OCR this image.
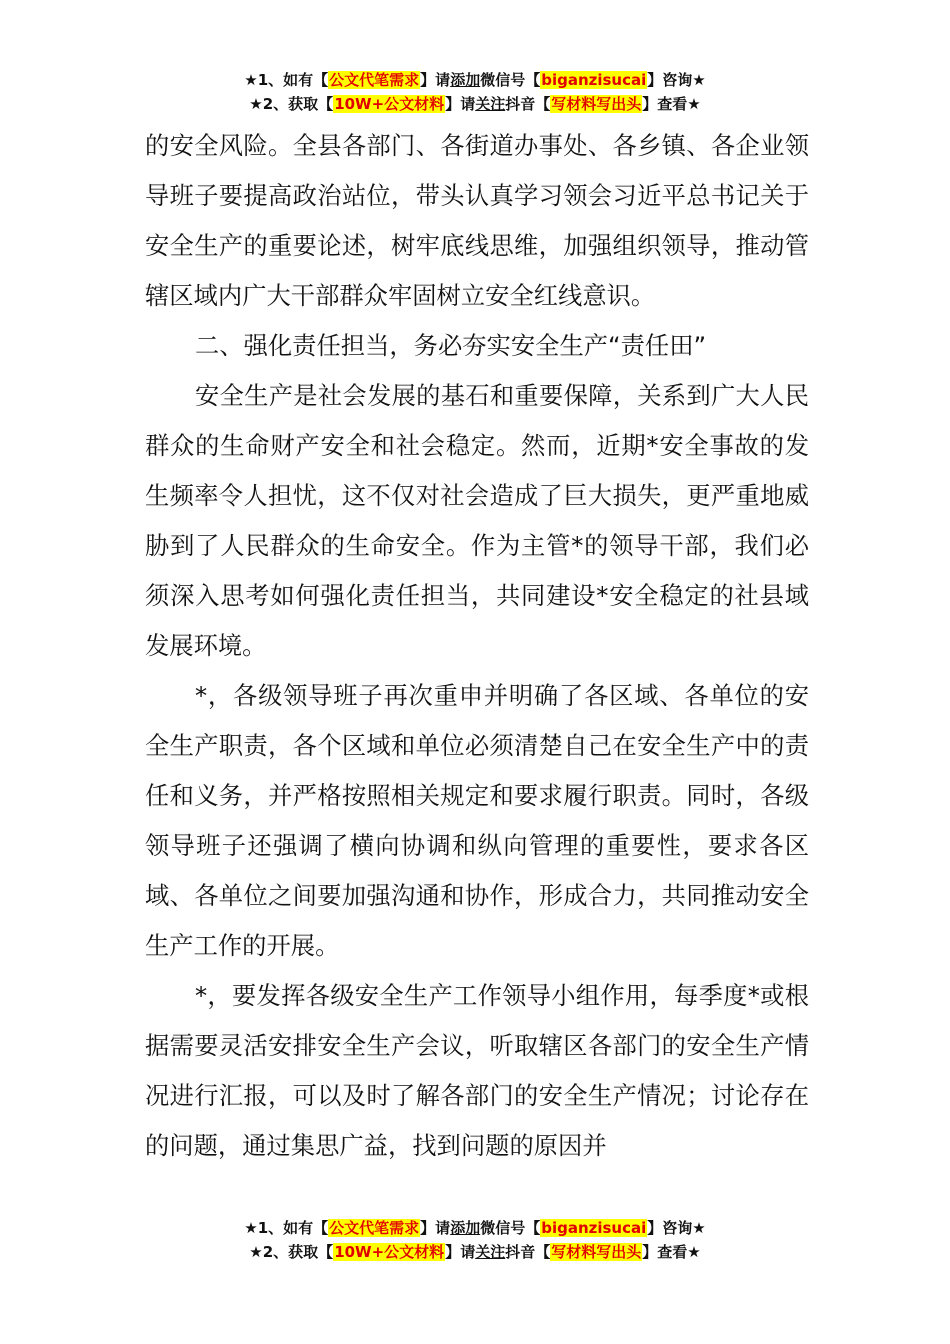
★1、如有【公文代笔需求】请添加微信号【biganzisucai】咨询★
★2、获取【10W+公文材料】请关注抖音【写材料写出头】查看★

的安全风险。全县各部门、各街道办事处、各乡镇、各企业领导班子要提高政治站位，带头认真学习领会习近平总书记关于安全生产的重要论述，树牢底线思维，加强组织领导，推动管辖区域内广大干部群众牢固树立安全红线意识。

二、强化责任担当，务必夯实安全生产“责任田”

安全生产是社会发展的基石和重要保障，关系到广大人民群众的生命财产安全和社会稳定。然而，近期*安全事故的发生频率令人担忧，这不仅对社会造成了巨大损失，更严重地威胁到了人民群众的生命安全。作为主管*的领导干部，我们必须深入思考如何强化责任担当，共同建设*安全稳定的社县域发展环境。

*，各级领导班子再次重申并明确了各区域、各单位的安全生产职责，各个区域和单位必须清楚自己在安全生产中的责任和义务，并严格按照相关规定和要求履行职责。同时，各级领导班子还强调了横向协调和纵向管理的重要性，要求各区域、各单位之间要加强沟通和协作，形成合力，共同推动安全生产工作的开展。

*，要发挥各级安全生产工作领导小组作用，每季度*或根据需要灵活安排安全生产会议，听取辖区各部门的安全生产情况进行汇报，可以及时了解各部门的安全生产情况；讨论存在的问题，通过集思广益，找到问题的原因并

★1、如有【公文代笔需求】请添加微信号【biganzisucai】咨询★
★2、获取【10W+公文材料】请关注抖音【写材料写出头】查看★
